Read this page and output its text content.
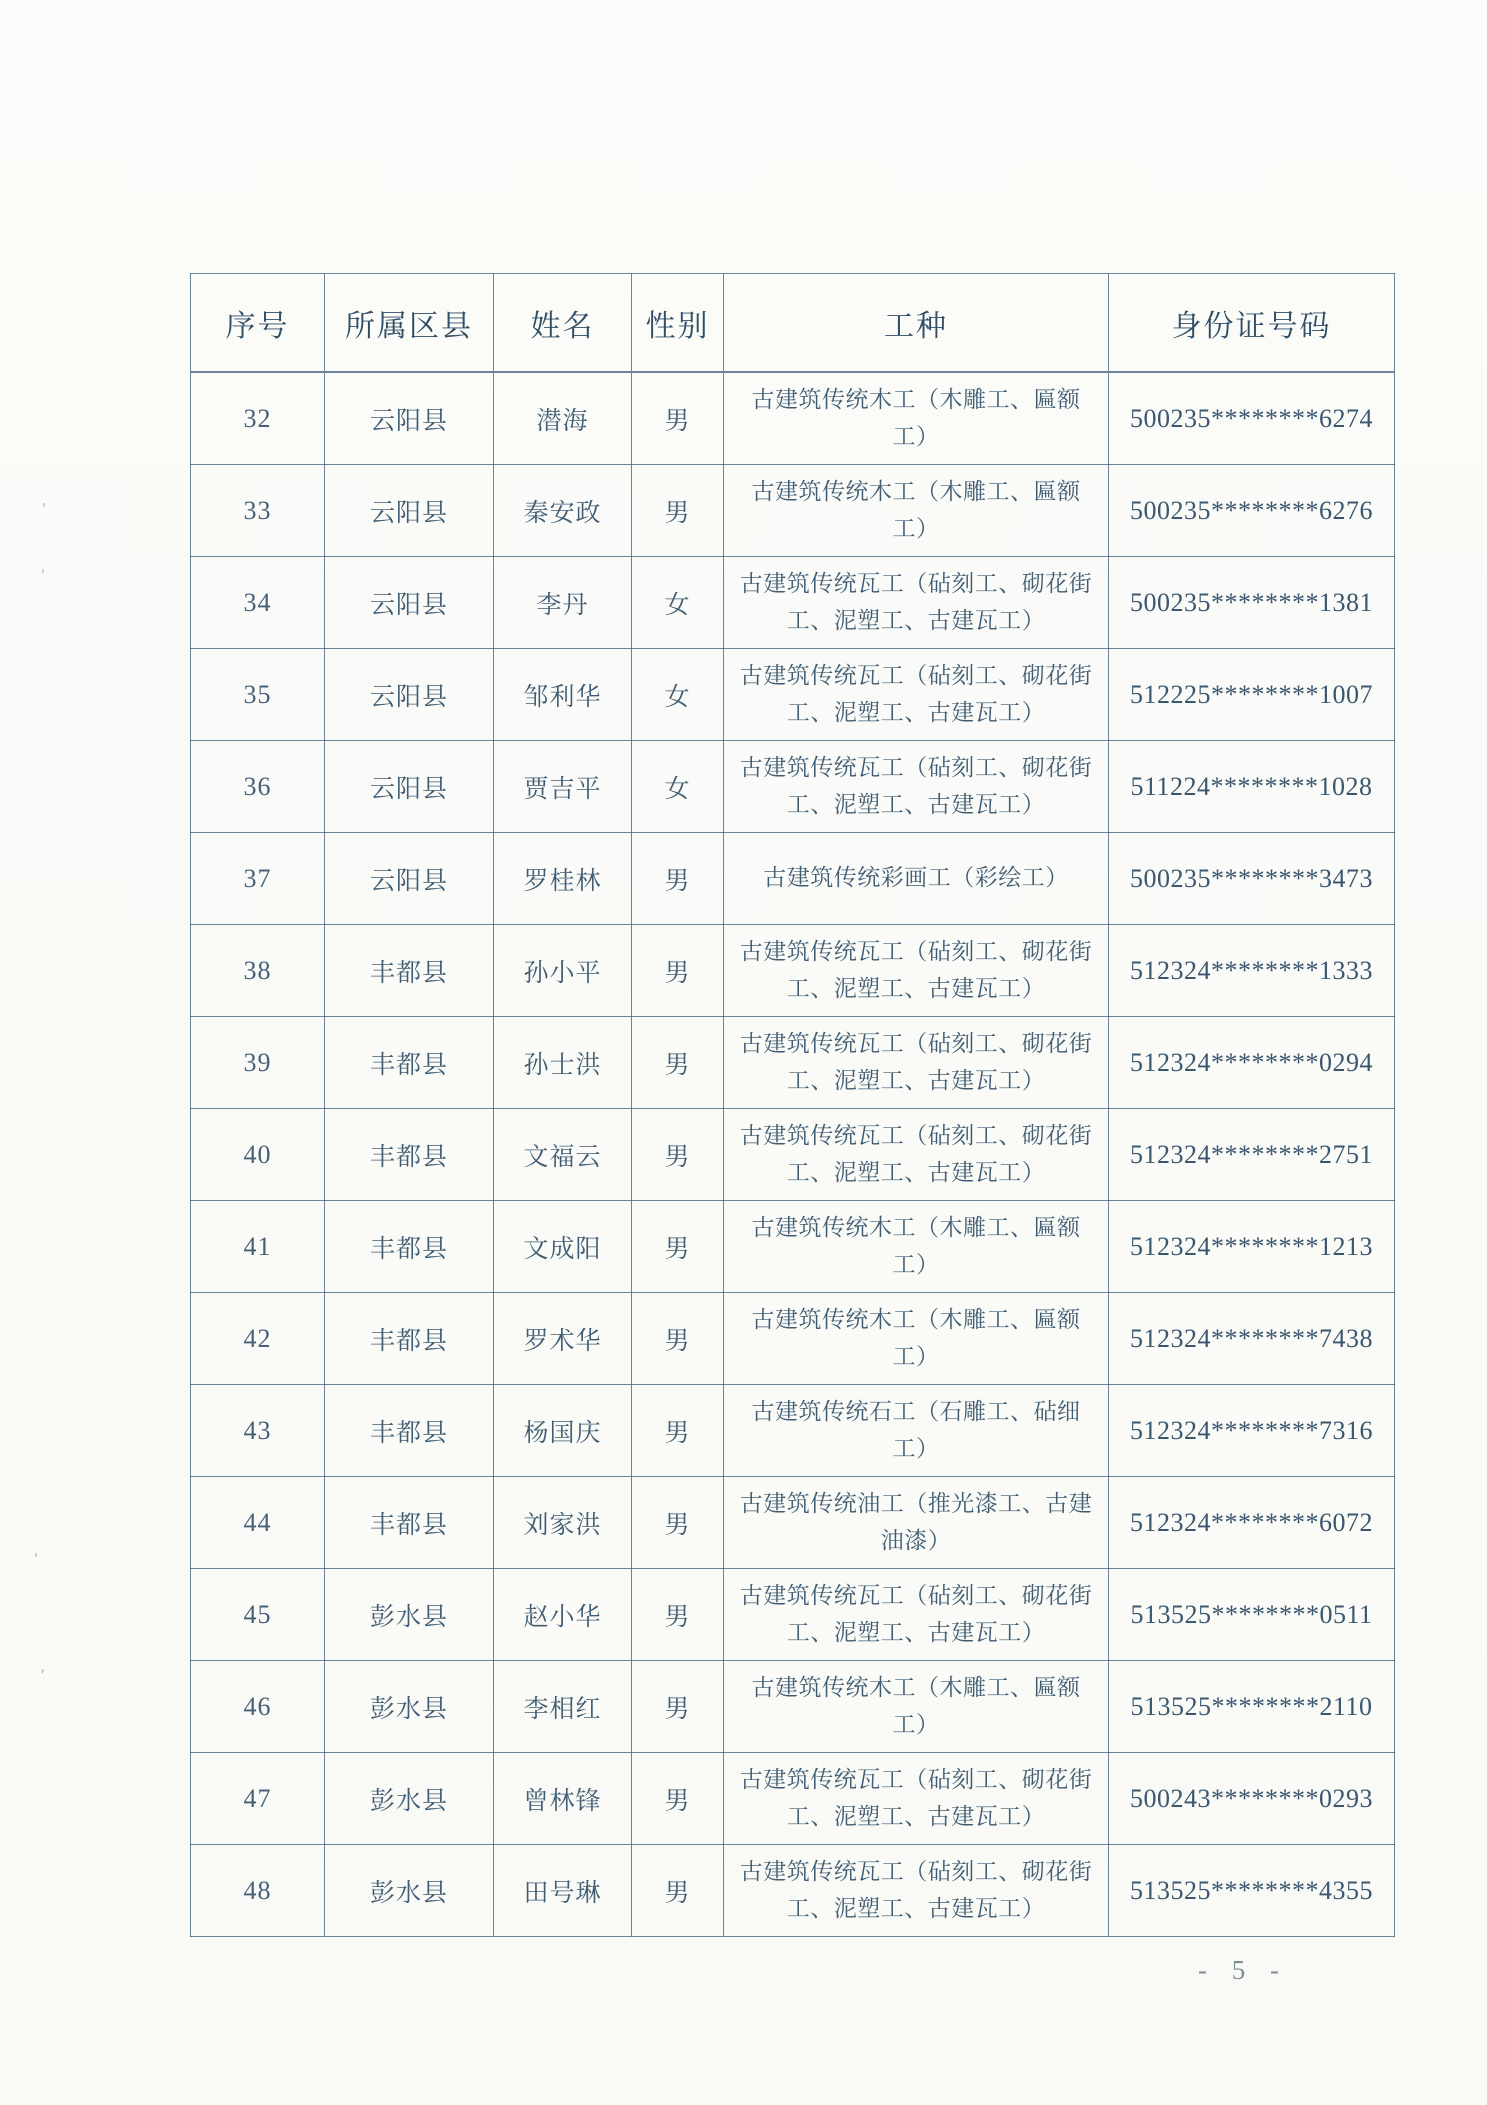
'
'
'
'
序号	所属区县	姓名	性别	工种	身份证号码
32	云阳县	潜海	男	古建筑传统木工（木雕工、匾额工）	500235********6274
33	云阳县	秦安政	男	古建筑传统木工（木雕工、匾额工）	500235********6276
34	云阳县	李丹	女	古建筑传统瓦工（砧刻工、砌花街工、泥塑工、古建瓦工）	500235********1381
35	云阳县	邹利华	女	古建筑传统瓦工（砧刻工、砌花街工、泥塑工、古建瓦工）	512225********1007
36	云阳县	贾吉平	女	古建筑传统瓦工（砧刻工、砌花街工、泥塑工、古建瓦工）	511224********1028
37	云阳县	罗桂林	男	古建筑传统彩画工（彩绘工）	500235********3473
38	丰都县	孙小平	男	古建筑传统瓦工（砧刻工、砌花街工、泥塑工、古建瓦工）	512324********1333
39	丰都县	孙士洪	男	古建筑传统瓦工（砧刻工、砌花街工、泥塑工、古建瓦工）	512324********0294
40	丰都县	文福云	男	古建筑传统瓦工（砧刻工、砌花街工、泥塑工、古建瓦工）	512324********2751
41	丰都县	文成阳	男	古建筑传统木工（木雕工、匾额工）	512324********1213
42	丰都县	罗术华	男	古建筑传统木工（木雕工、匾额工）	512324********7438
43	丰都县	杨国庆	男	古建筑传统石工（石雕工、砧细工）	512324********7316
44	丰都县	刘家洪	男	古建筑传统油工（推光漆工、古建油漆）	512324********6072
45	彭水县	赵小华	男	古建筑传统瓦工（砧刻工、砌花街工、泥塑工、古建瓦工）	513525********0511
46	彭水县	李相红	男	古建筑传统木工（木雕工、匾额工）	513525********2110
47	彭水县	曾林锋	男	古建筑传统瓦工（砧刻工、砌花街工、泥塑工、古建瓦工）	500243********0293
48	彭水县	田号琳	男	古建筑传统瓦工（砧刻工、砌花街工、泥塑工、古建瓦工）	513525********4355
- 5 -
